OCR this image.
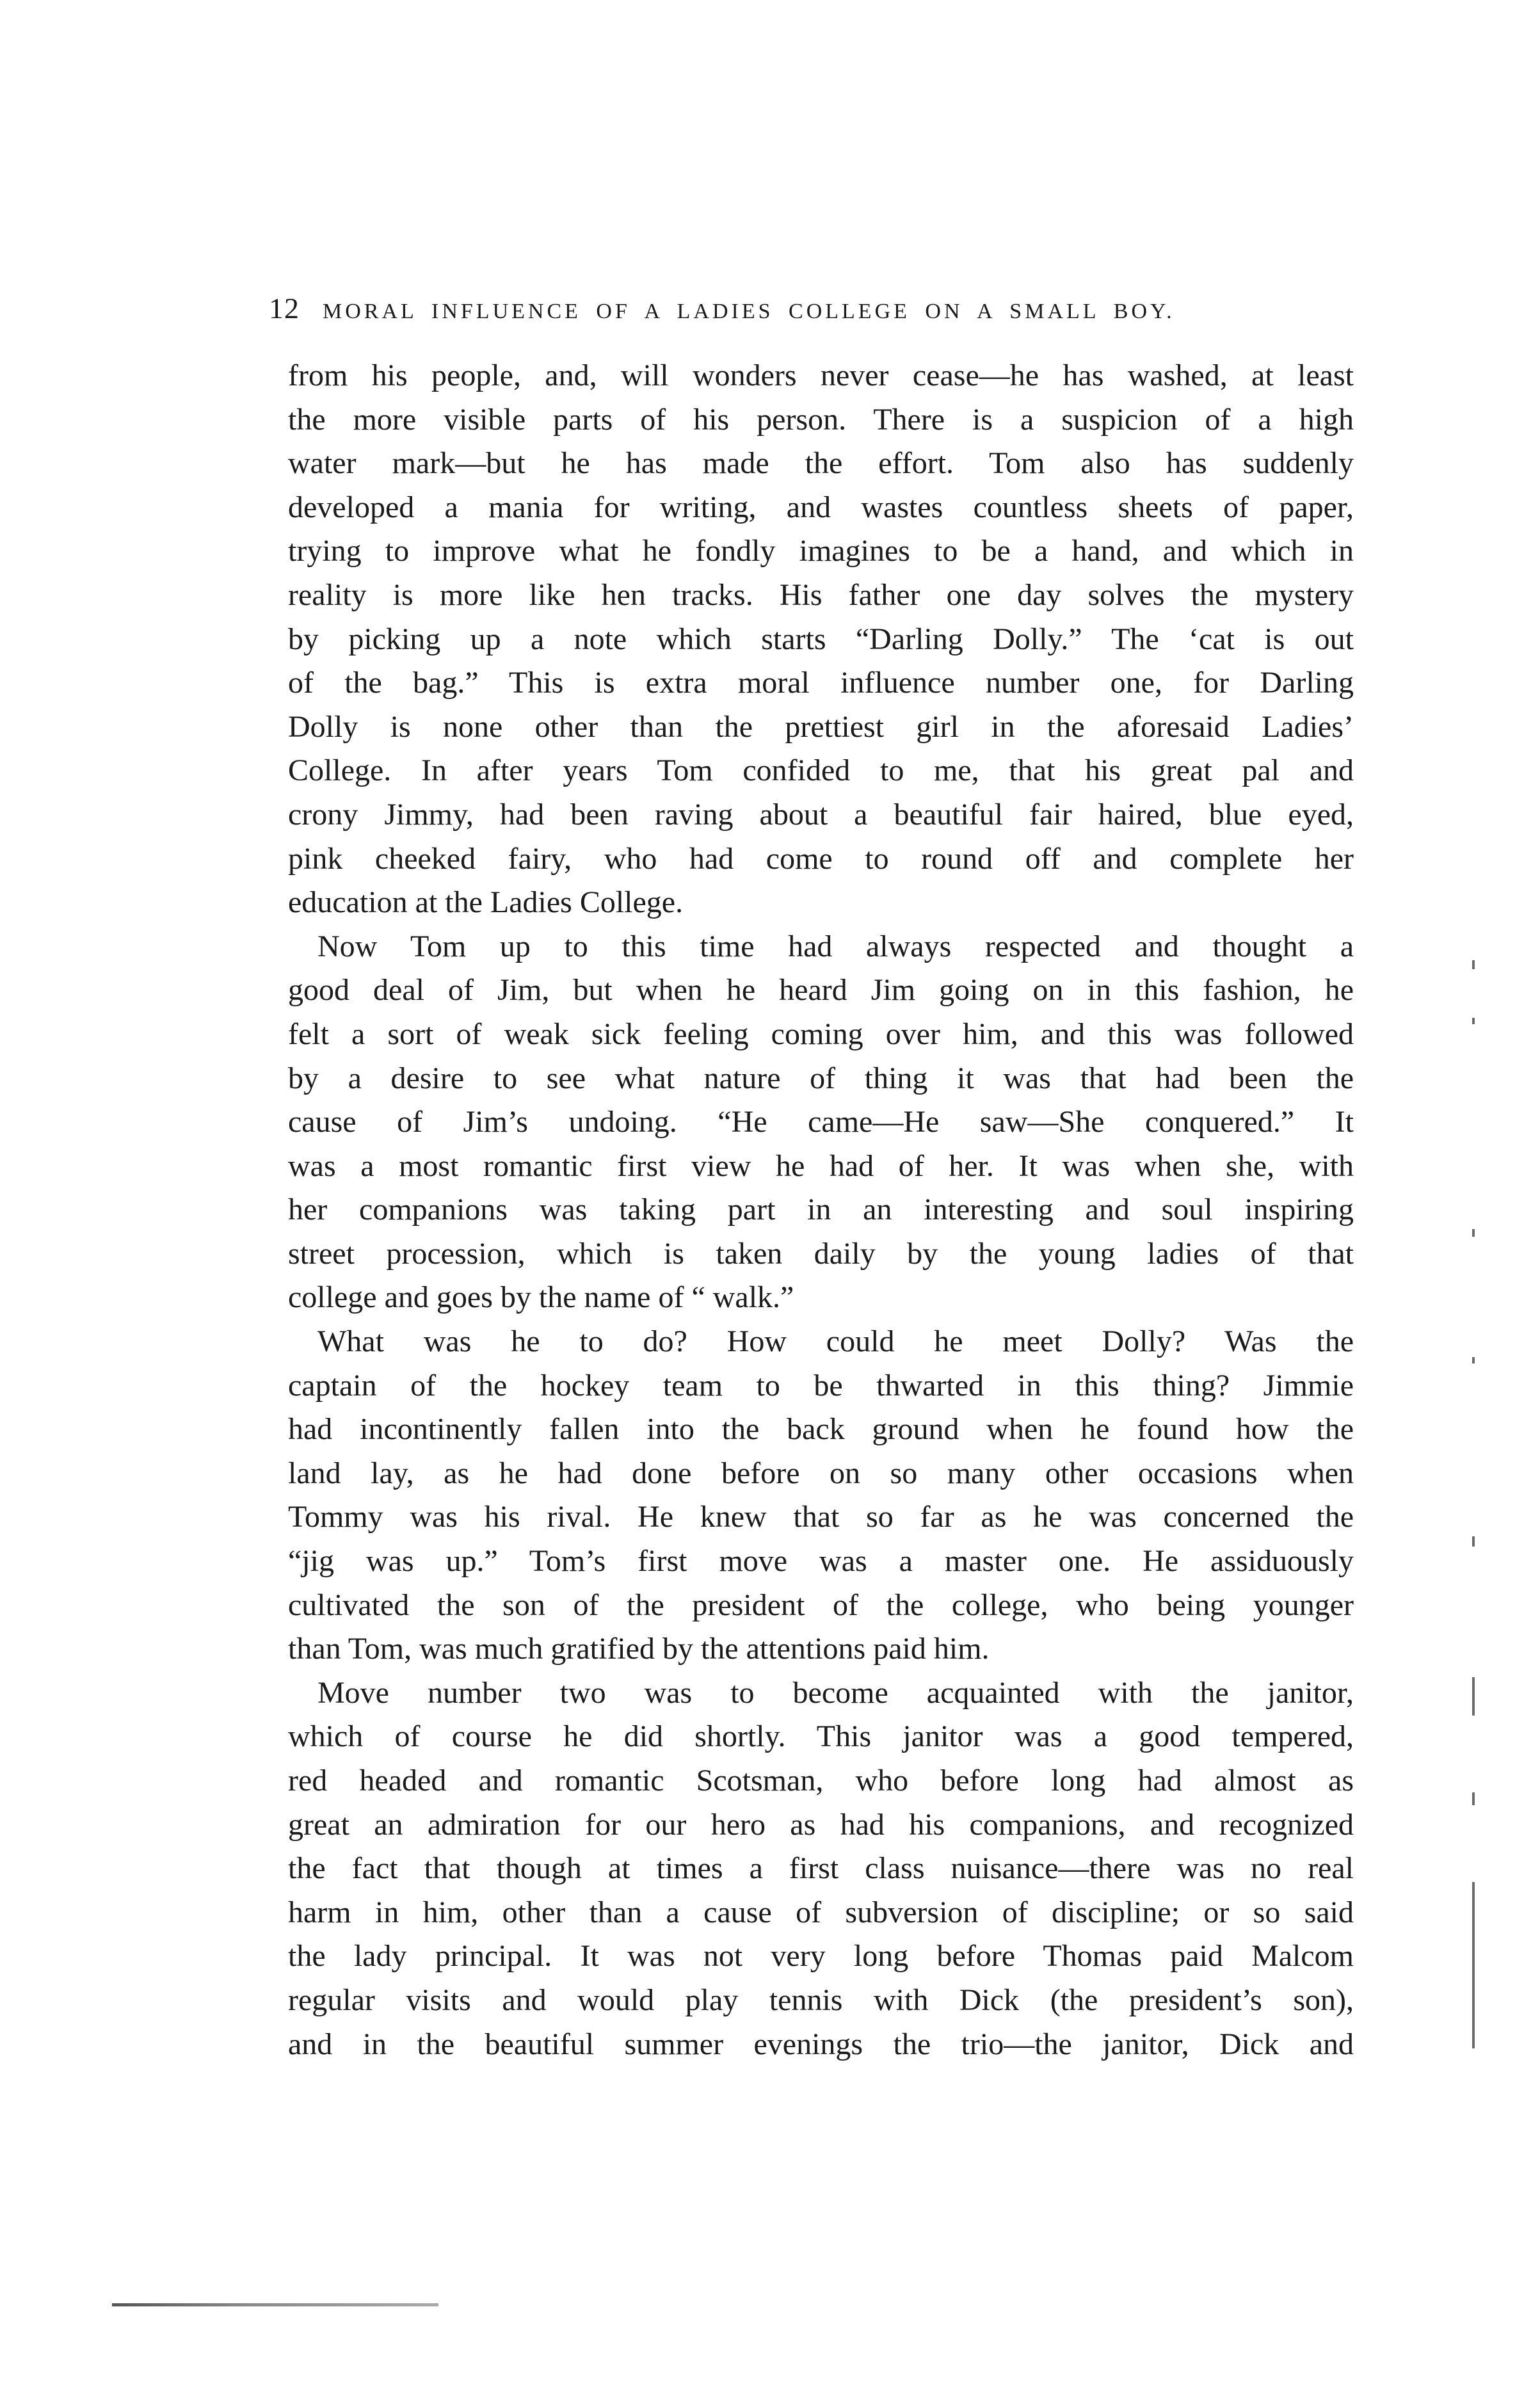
12 MORAL INFLUENCE OF A LADIES COLLEGE ON A SMALL BOY.
from his people, and, will wonders never cease—he has washed, at least
the more visible parts of his person. There is a suspicion of a high
water mark—but he has made the effort. Tom also has suddenly
developed a mania for writing, and wastes countless sheets of paper,
trying to improve what he fondly imagines to be a hand, and which in
reality is more like hen tracks. His father one day solves the mystery
by picking up a note which starts “Darling Dolly.” The ‘cat is out
of the bag.” This is extra moral influence number one, for Darling
Dolly is none other than the prettiest girl in the aforesaid Ladies’
College. In after years Tom confided to me, that his great pal and
crony Jimmy, had been raving about a beautiful fair haired, blue eyed,
pink cheeked fairy, who had come to round off and complete her
education at the Ladies College.
Now Tom up to this time had always respected and thought a
good deal of Jim, but when he heard Jim going on in this fashion, he
felt a sort of weak sick feeling coming over him, and this was followed
by a desire to see what nature of thing it was that had been the
cause of Jim’s undoing. “He came—He saw—She conquered.” It
was a most romantic first view he had of her. It was when she, with
her companions was taking part in an interesting and soul inspiring
street procession, which is taken daily by the young ladies of that
college and goes by the name of “ walk.”
What was he to do? How could he meet Dolly? Was the
captain of the hockey team to be thwarted in this thing? Jimmie
had incontinently fallen into the back ground when he found how the
land lay, as he had done before on so many other occasions when
Tommy was his rival. He knew that so far as he was concerned the
“jig was up.” Tom’s first move was a master one. He assiduously
cultivated the son of the president of the college, who being younger
than Tom, was much gratified by the attentions paid him.
Move number two was to become acquainted with the janitor,
which of course he did shortly. This janitor was a good tempered,
red headed and romantic Scotsman, who before long had almost as
great an admiration for our hero as had his companions, and recognized
the fact that though at times a first class nuisance—there was no real
harm in him, other than a cause of subversion of discipline; or so said
the lady principal. It was not very long before Thomas paid Malcom
regular visits and would play tennis with Dick (the president’s son),
and in the beautiful summer evenings the trio—the janitor, Dick and
